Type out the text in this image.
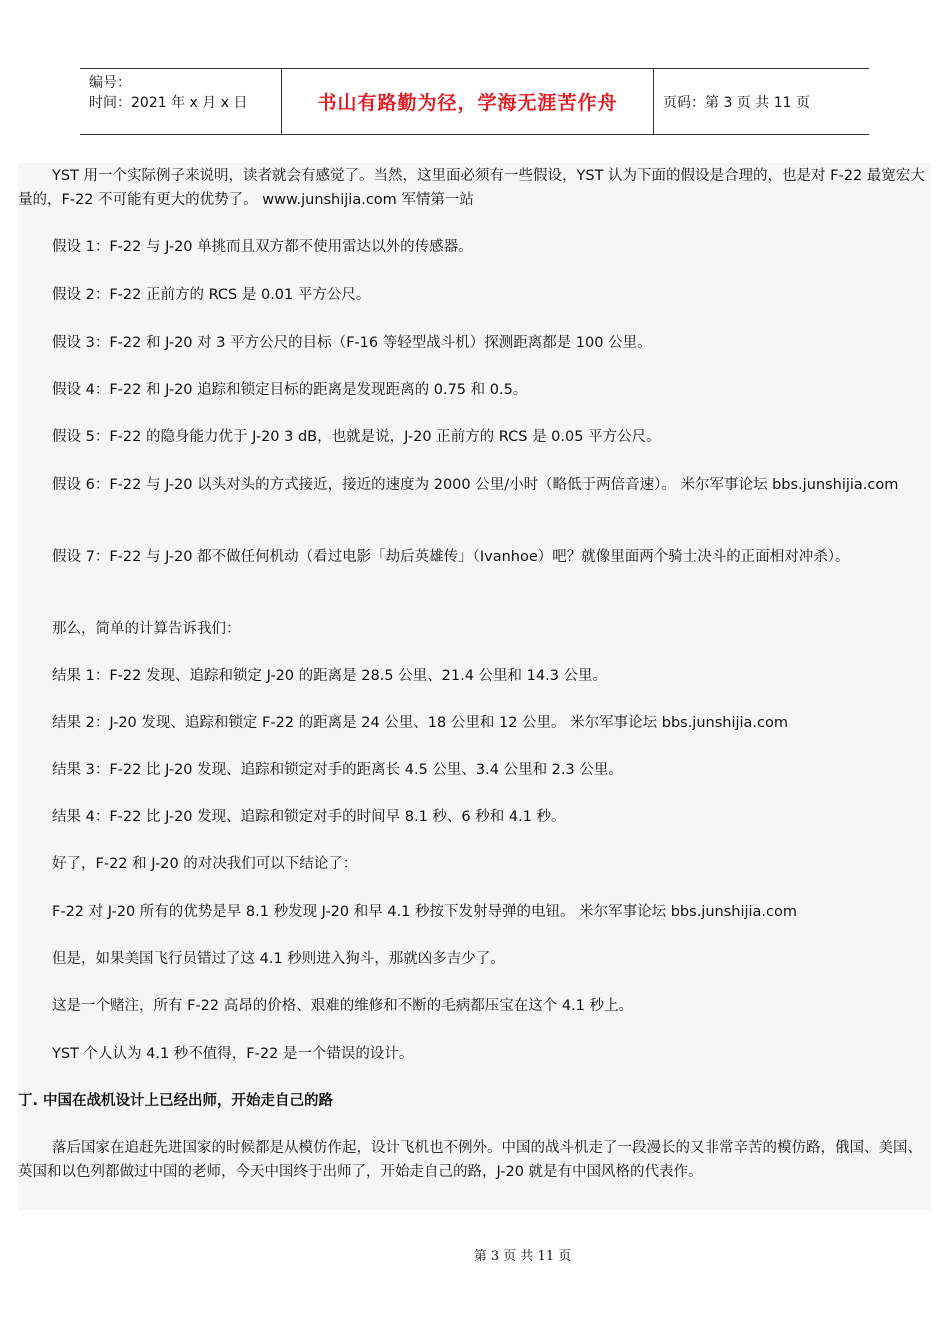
编号：
时间：2021 年 x 月 x 日	书山有路勤为径，学海无涯苦作舟	页码：第 3 页 共 11 页

YST 用一个实际例子来说明，读者就会有感觉了。当然，这里面必须有一些假设，YST 认为下面的假设是合理的，也是对 F-22 最宽宏大量的，F-22 不可能有更大的优势了。 www.junshijia.com 军情第一站

假设 1：F-22 与 J-20 单挑而且双方都不使用雷达以外的传感器。

假设 2：F-22 正前方的 RCS 是 0.01 平方公尺。

假设 3：F-22 和 J-20 对 3 平方公尺的目标（F-16 等轻型战斗机）探测距离都是 100 公里。

假设 4：F-22 和 J-20 追踪和锁定目标的距离是发现距离的 0.75 和 0.5。

假设 5：F-22 的隐身能力优于 J-20 3 dB，也就是说，J-20 正前方的 RCS 是 0.05 平方公尺。

假设 6：F-22 与 J-20 以头对头的方式接近，接近的速度为 2000 公里/小时（略低于两倍音速）。 米尔军事论坛 bbs.junshijia.com

假设 7：F-22 与 J-20 都不做任何机动（看过电影「劫后英雄传」（Ivanhoe）吧？就像里面两个骑士决斗的正面相对冲杀）。

那么，简单的计算告诉我们：

结果 1：F-22 发现、追踪和锁定 J-20 的距离是 28.5 公里、21.4 公里和 14.3 公里。

结果 2：J-20 发现、追踪和锁定 F-22 的距离是 24 公里、18 公里和 12 公里。 米尔军事论坛 bbs.junshijia.com

结果 3：F-22 比 J-20 发现、追踪和锁定对手的距离长 4.5 公里、3.4 公里和 2.3 公里。

结果 4：F-22 比 J-20 发现、追踪和锁定对手的时间早 8.1 秒、6 秒和 4.1 秒。

好了，F-22 和 J-20 的对决我们可以下结论了：

F-22 对 J-20 所有的优势是早 8.1 秒发现 J-20 和早 4.1 秒按下发射导弹的电钮。 米尔军事论坛 bbs.junshijia.com

但是，如果美国飞行员错过了这 4.1 秒则进入狗斗，那就凶多吉少了。

这是一个赌注，所有 F-22 高昂的价格、艰难的维修和不断的毛病都压宝在这个 4.1 秒上。

YST 个人认为 4.1 秒不值得，F-22 是一个错误的设计。

丁. 中国在战机设计上已经出师，开始走自己的路

落后国家在追赶先进国家的时候都是从模仿作起，设计飞机也不例外。中国的战斗机走了一段漫长的又非常辛苦的模仿路，俄国、美国、英国和以色列都做过中国的老师，今天中国终于出师了，开始走自己的路，J-20 就是有中国风格的代表作。

第 3 页 共 11 页
